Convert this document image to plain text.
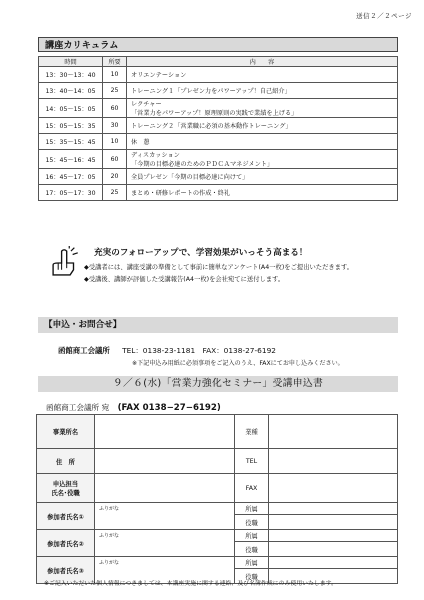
送信２／２ページ
講座カリキュラム
時間	所要	内　　容
13：30〜13：40	10	オリエンテーション
13：40〜14：05	25	トレーニング１「プレゼン力をパワーアップ！自己紹介」
14：05〜15：05	60	レクチャー
「営業力をパワーアップ！原理原則の実践で業績を上げる」

15：05〜15：35	30	トレーニング２「営業職に必須の基本動作トレーニング」
15：35〜15：45	10	休　憩
15：45〜16：45	60	ディスカッション
「今期の目標必達のためのＰＤＣＡマネジメント」

16：45〜17：05	20	全員プレゼン「今期の目標必達に向けて」
17：05〜17：30	25	まとめ・研修レポートの作成・終礼
充実のフォローアップで、学習効果がいっそう高まる！
◆受講者には、講座受講の準備として事前に簡単なアンケート(A4一枚)をご提出いただきます。
◆受講後、講師が評価した受講報告(A4一枚)を会社宛てに送付します。
【申込・お問合せ】
函館商工会議所 TEL：0138-23-1181　FAX：0138-27-6192
※下記申込み用紙に必須事項をご記入のうえ、FAXにてお申し込みください。
９／６(水)「営業力強化セミナー」受講申込書
函館商工会議所 宛 (FAX 0138−27−6192)
事業所名		業種	
住　所		TEL	

申込担当
氏名･役職		FAX	
参加者氏名①	ふりがな	所属	
		役職	
参加者氏名②	ふりがな	所属	
		役職	
参加者氏名③	ふりがな	所属	
		役職	
※ご記入いただいた個人情報につきましては、本講座実施に関する連絡、及び名簿作成にのみ使用いたします。
